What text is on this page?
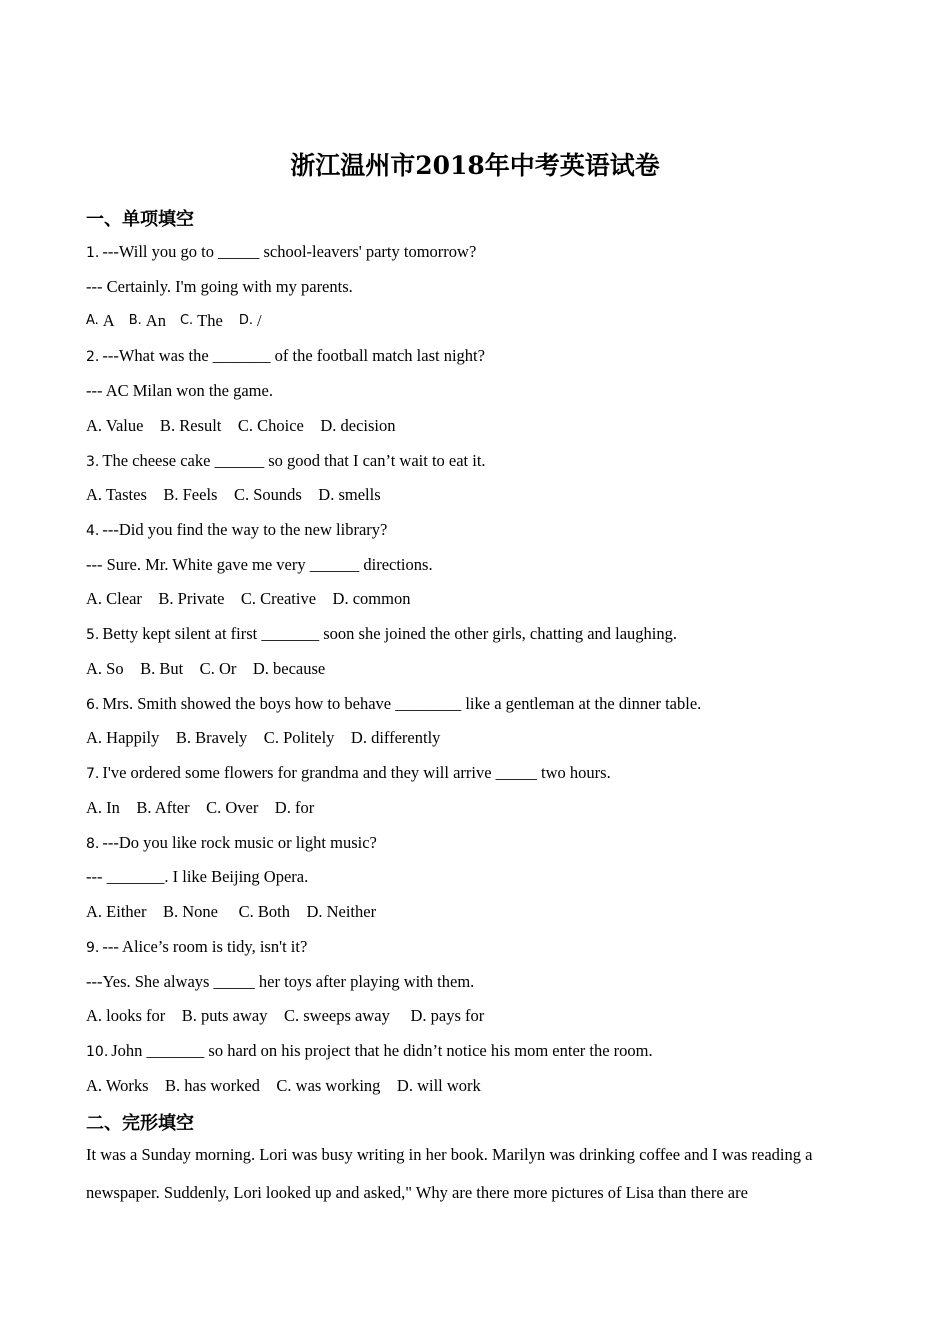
浙江温州市2018年中考英语试卷
一、单项填空
1. ---Will you go to _____ school-leavers' party tomorrow?
--- Certainly. I'm going with my parents.
A. A B. An C. The D. /
2. ---What was the _______ of the football match last night?
--- AC Milan won the game.
A. Value    B. Result    C. Choice    D. decision
3. The cheese cake ______ so good that I can’t wait to eat it.
A. Tastes    B. Feels    C. Sounds    D. smells
4. ---Did you find the way to the new library?
--- Sure. Mr. White gave me very ______ directions.
A. Clear    B. Private    C. Creative    D. common
5. Betty kept silent at first _______ soon she joined the other girls, chatting and laughing.
A. So    B. But    C. Or    D. because
6. Mrs. Smith showed the boys how to behave ________ like a gentleman at the dinner table.
A. Happily    B. Bravely    C. Politely    D. differently
7. I've ordered some flowers for grandma and they will arrive _____ two hours.
A. In    B. After    C. Over    D. for
8. ---Do you like rock music or light music?
--- _______. I like Beijing Opera.
A. Either    B. None     C. Both    D. Neither
9. --- Alice’s room is tidy, isn't it?
---Yes. She always _____ her toys after playing with them.
A. looks for    B. puts away    C. sweeps away     D. pays for
10. John _______ so hard on his project that he didn’t notice his mom enter the room.
A. Works    B. has worked    C. was working    D. will work
二、完形填空
It was a Sunday morning. Lori was busy writing in her book. Marilyn was drinking coffee and I was reading a
newspaper. Suddenly, Lori looked up and asked," Why are there more pictures of Lisa than there are
